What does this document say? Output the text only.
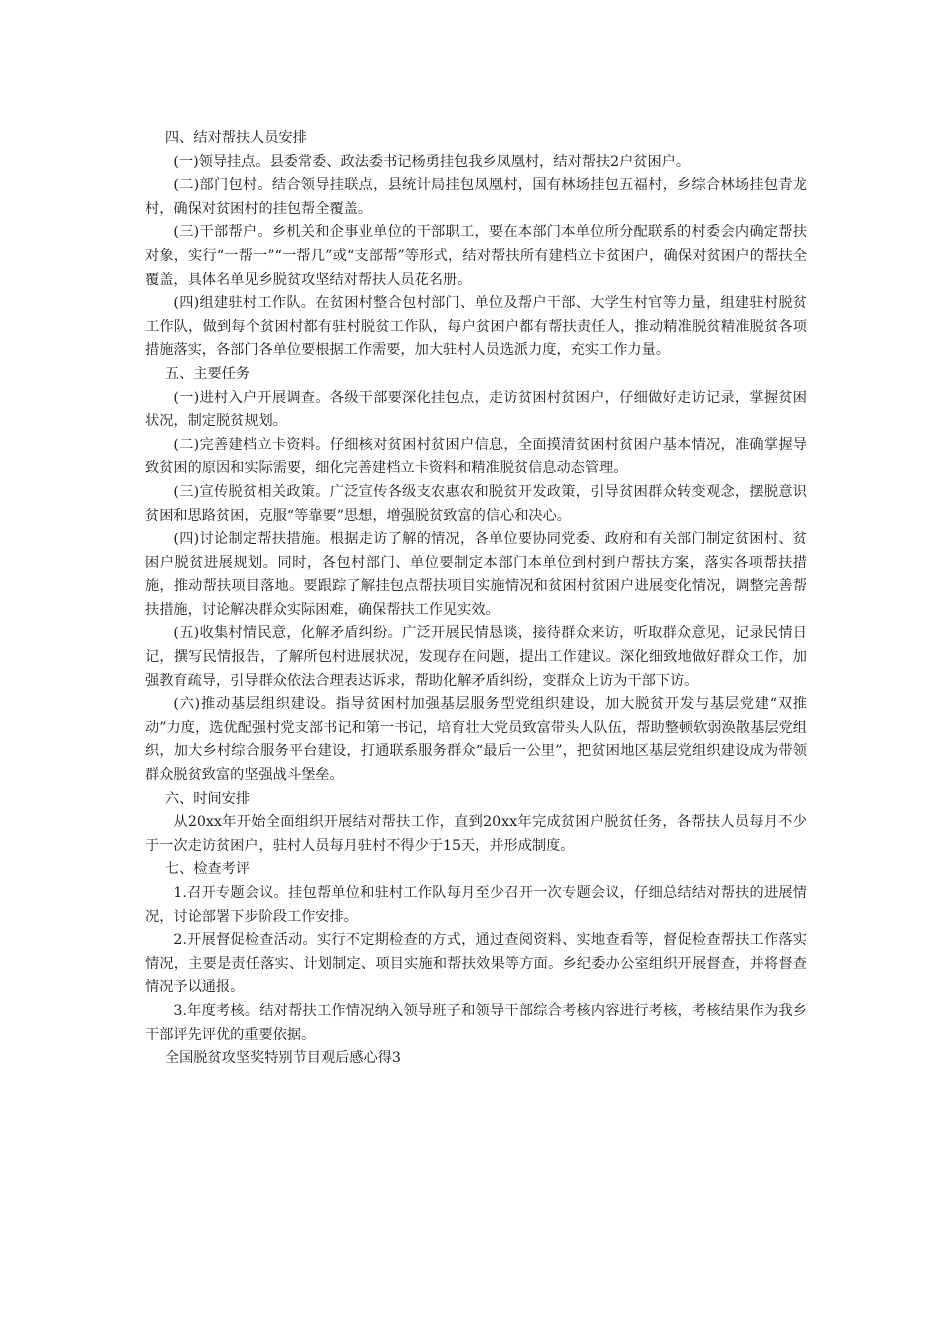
四、结对帮扶人员安排

(一)领导挂点。县委常委、政法委书记杨勇挂包我乡凤凰村，结对帮扶2户贫困户。

(二)部门包村。结合领导挂联点，县统计局挂包凤凰村，国有林场挂包五福村，乡综合林场挂包青龙村，确保对贫困村的挂包帮全覆盖。

(三)干部帮户。乡机关和企事业单位的干部职工，要在本部门本单位所分配联系的村委会内确定帮扶对象，实行“一帮一”“一帮几”或“支部帮”等形式，结对帮扶所有建档立卡贫困户，确保对贫困户的帮扶全覆盖，具体名单见乡脱贫攻坚结对帮扶人员花名册。

(四)组建驻村工作队。在贫困村整合包村部门、单位及帮户干部、大学生村官等力量，组建驻村脱贫工作队，做到每个贫困村都有驻村脱贫工作队，每户贫困户都有帮扶责任人，推动精准脱贫精准脱贫各项措施落实，各部门各单位要根据工作需要，加大驻村人员选派力度，充实工作力量。

五、主要任务

(一)进村入户开展调查。各级干部要深化挂包点，走访贫困村贫困户，仔细做好走访记录，掌握贫困状况，制定脱贫规划。

(二)完善建档立卡资料。仔细核对贫困村贫困户信息，全面摸清贫困村贫困户基本情况，准确掌握导致贫困的原因和实际需要，细化完善建档立卡资料和精准脱贫信息动态管理。

(三)宣传脱贫相关政策。广泛宣传各级支农惠农和脱贫开发政策，引导贫困群众转变观念，摆脱意识贫困和思路贫困，克服“等靠要”思想，增强脱贫致富的信心和决心。

(四)讨论制定帮扶措施。根据走访了解的情况，各单位要协同党委、政府和有关部门制定贫困村、贫困户脱贫进展规划。同时，各包村部门、单位要制定本部门本单位到村到户帮扶方案，落实各项帮扶措施，推动帮扶项目落地。要跟踪了解挂包点帮扶项目实施情况和贫困村贫困户进展变化情况，调整完善帮扶措施，讨论解决群众实际困难，确保帮扶工作见实效。

(五)收集村情民意，化解矛盾纠纷。广泛开展民情恳谈，接待群众来访，听取群众意见，记录民情日记，撰写民情报告，了解所包村进展状况，发现存在问题，提出工作建议。深化细致地做好群众工作，加强教育疏导，引导群众依法合理表达诉求，帮助化解矛盾纠纷，变群众上访为干部下访。

(六)推动基层组织建设。指导贫困村加强基层服务型党组织建设，加大脱贫开发与基层党建“双推动”力度，选优配强村党支部书记和第一书记，培育壮大党员致富带头人队伍，帮助整顿软弱涣散基层党组织，加大乡村综合服务平台建设，打通联系服务群众“最后一公里”，把贫困地区基层党组织建设成为带领群众脱贫致富的坚强战斗堡垒。

六、时间安排

从20xx年开始全面组织开展结对帮扶工作，直到20xx年完成贫困户脱贫任务，各帮扶人员每月不少于一次走访贫困户，驻村人员每月驻村不得少于15天，并形成制度。

七、检查考评

1.召开专题会议。挂包帮单位和驻村工作队每月至少召开一次专题会议，仔细总结结对帮扶的进展情况，讨论部署下步阶段工作安排。

2.开展督促检查活动。实行不定期检查的方式，通过查阅资料、实地查看等，督促检查帮扶工作落实情况，主要是责任落实、计划制定、项目实施和帮扶效果等方面。乡纪委办公室组织开展督查，并将督查情况予以通报。

3.年度考核。结对帮扶工作情况纳入领导班子和领导干部综合考核内容进行考核，考核结果作为我乡干部评先评优的重要依据。

全国脱贫攻坚奖特别节目观后感心得3
